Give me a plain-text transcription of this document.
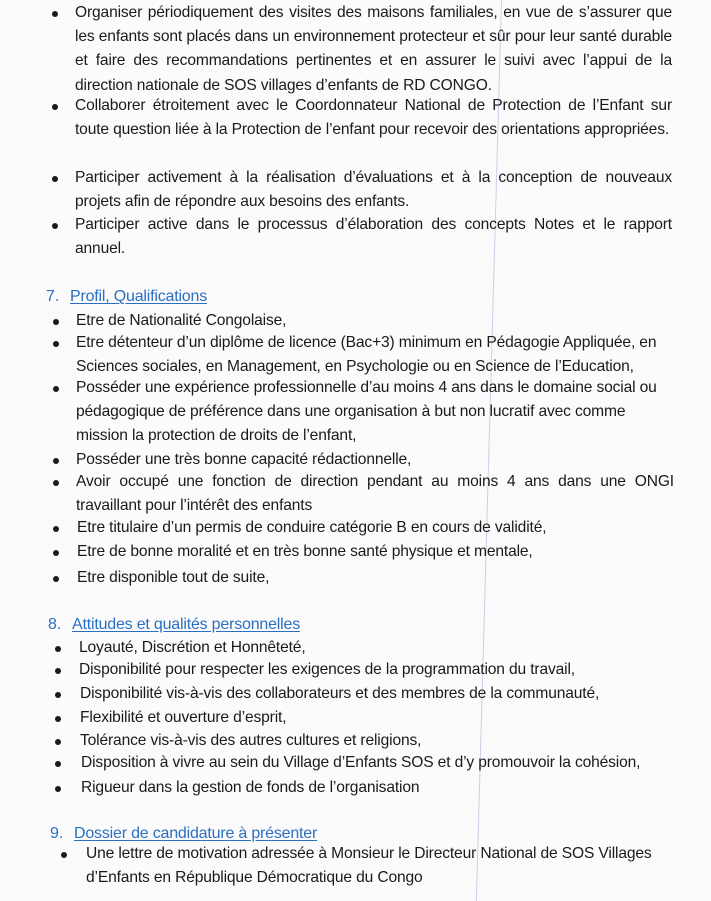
Organiser périodiquement des visites des maisons familiales, en vue de s’assurer que les enfants sont placés dans un environnement protecteur et sûr pour leur santé durable et faire des recommandations pertinentes et en assurer le suivi avec l’appui de la direction nationale de SOS villages d’enfants de RD CONGO.
Collaborer étroitement avec le Coordonnateur National de Protection de l’Enfant sur toute question liée à la Protection de l’enfant pour recevoir des orientations appropriées.
Participer activement à la réalisation d’évaluations et à la conception de nouveaux projets afin de répondre aux besoins des enfants.
Participer active dans le processus d’élaboration des concepts Notes et le rapport annuel.
7. Profil, Qualifications
Etre de Nationalité Congolaise,
Etre détenteur d’un diplôme de licence (Bac+3) minimum en Pédagogie Appliquée, en Sciences sociales, en Management, en Psychologie ou en Science de l’Education,
Posséder une expérience professionnelle d’au moins 4 ans dans le domaine social ou pédagogique de préférence dans une organisation à but non lucratif avec comme mission la protection de droits de l’enfant,
Posséder une très bonne capacité rédactionnelle,
Avoir occupé une fonction de direction pendant au moins 4 ans dans une ONGI travaillant pour l’intérêt des enfants
Etre titulaire d’un permis de conduire catégorie B en cours de validité,
Etre de bonne moralité et en très bonne santé physique et mentale,
Etre disponible tout de suite,
8. Attitudes et qualités personnelles
Loyauté, Discrétion et Honnêteté,
Disponibilité pour respecter les exigences de la programmation du travail,
Disponibilité vis-à-vis des collaborateurs et des membres de la communauté,
Flexibilité et ouverture d’esprit,
Tolérance vis-à-vis des autres cultures et religions,
Disposition à vivre au sein du Village d’Enfants SOS et d’y promouvoir la cohésion,
Rigueur dans la gestion de fonds de l’organisation
9. Dossier de candidature à présenter
Une lettre de motivation adressée à Monsieur le Directeur National de SOS Villages d’Enfants en République Démocratique du Congo
